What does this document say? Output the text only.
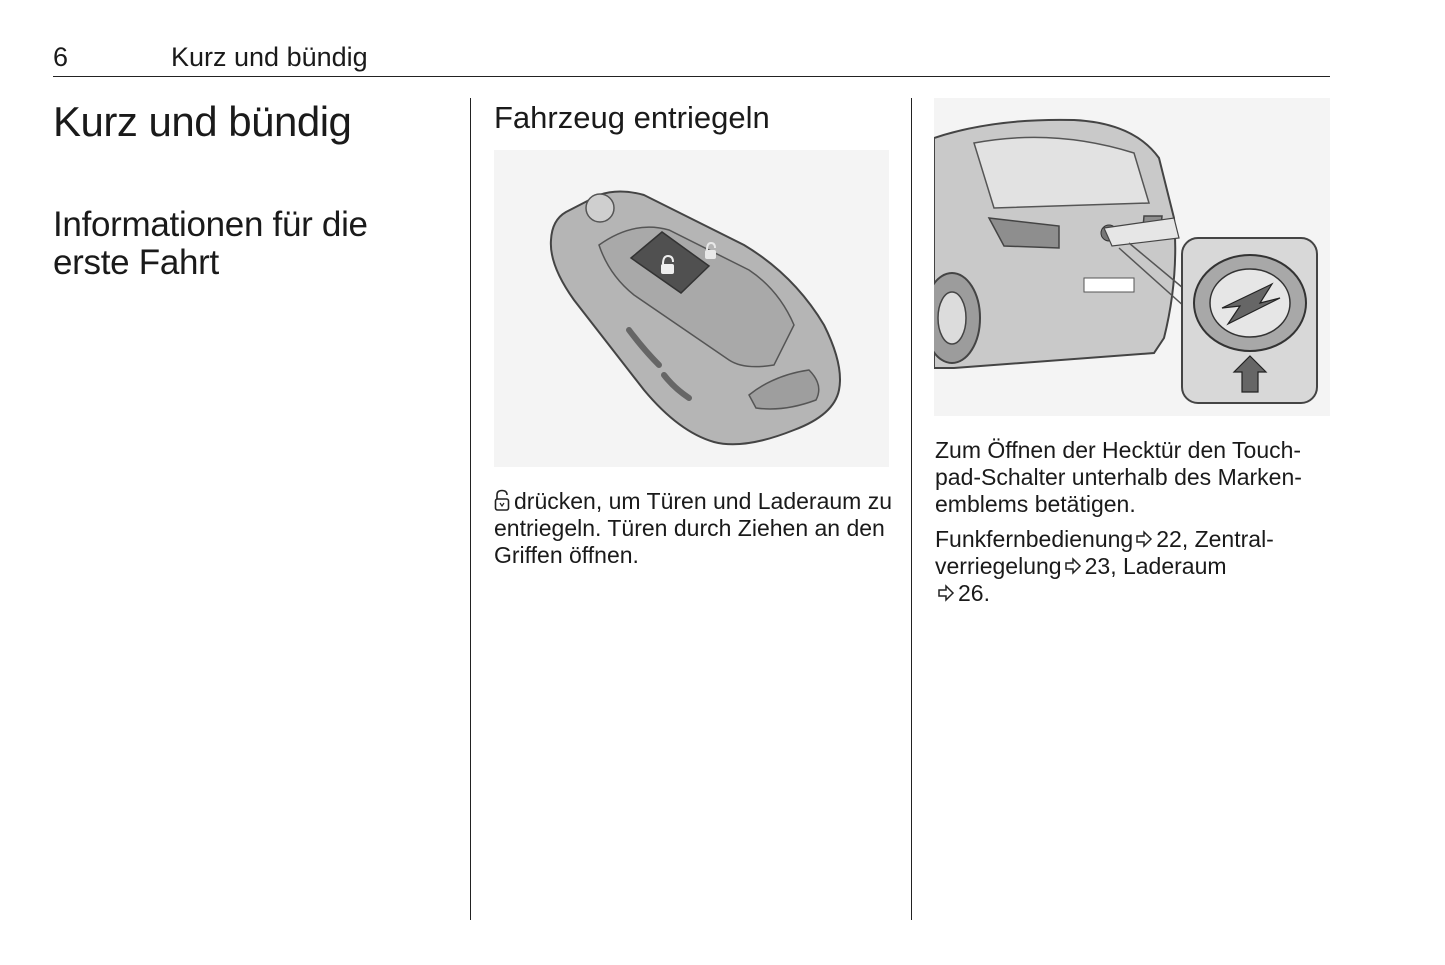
6	Kurz und bündig
Kurz und bündig
Informationen für die erste Fahrt
Fahrzeug entriegeln

drücken, um Türen und Laderaum zu entriegeln. Türen durch Ziehen an den Griffen öffnen.

Zum Öffnen der Hecktür den Touch-pad-Schalter unterhalb des Marken-emblems betätigen.

Funkfernbedienung 22, Zentral-verriegelung 23, Laderaum
26.
